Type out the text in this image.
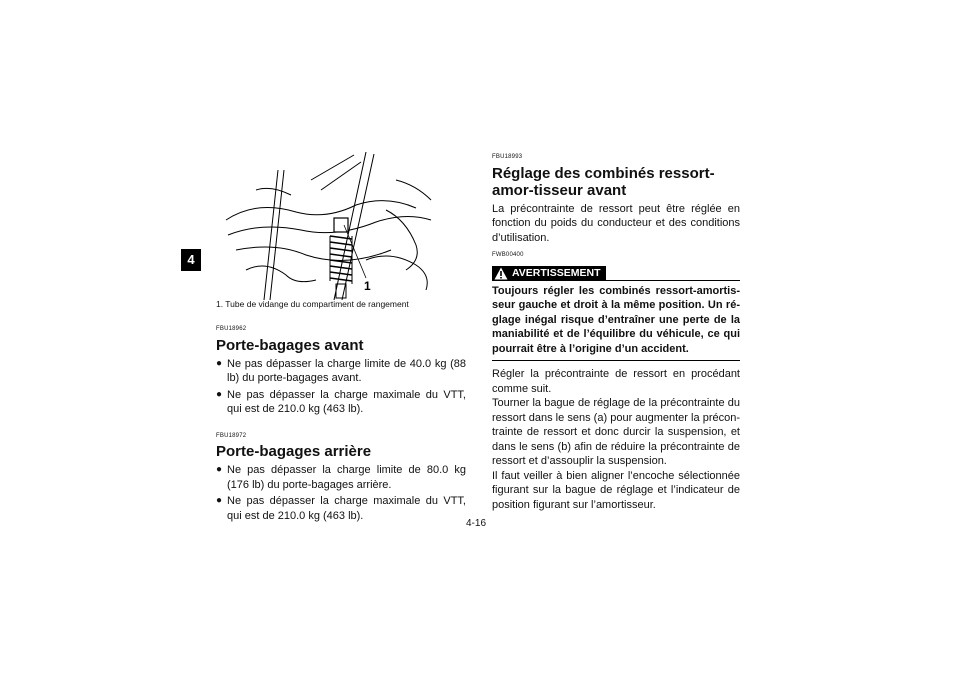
4
1
1. Tube de vidange du compartiment de rangement

FBU18962

Porte-bagages avant
● Ne pas dépasser la charge limite de 40.0 kg (88 lb) du porte-bagages avant.
● Ne pas dépasser la charge maximale du VTT, qui est de 210.0 kg (463 lb).

FBU18972

Porte-bagages arrière
● Ne pas dépasser la charge limite de 80.0 kg (176 lb) du porte-bagages arrière.
● Ne pas dépasser la charge maximale du VTT, qui est de 210.0 kg (463 lb).

FBU18993

Réglage des combinés ressort-amor-tisseur avant

La précontrainte de ressort peut être réglée en fonction du poids du conducteur et des conditions d’utilisation.

FWB00400

AVERTISSEMENT
Toujours régler les combinés ressort-amortis-seur gauche et droit à la même position. Un ré-glage inégal risque d’entraîner une perte de la maniabilité et de l’équilibre du véhicule, ce qui pourrait être à l’origine d’un accident.

Régler la précontrainte de ressort en procédant comme suit.

Tourner la bague de réglage de la précontrainte du ressort dans le sens (a) pour augmenter la précon-trainte de ressort et donc durcir la suspension, et dans le sens (b) afin de réduire la précontrainte de ressort et d’assouplir la suspension.

Il faut veiller à bien aligner l’encoche sélectionnée figurant sur la bague de réglage et l’indicateur de position figurant sur l’amortisseur.

4-16
